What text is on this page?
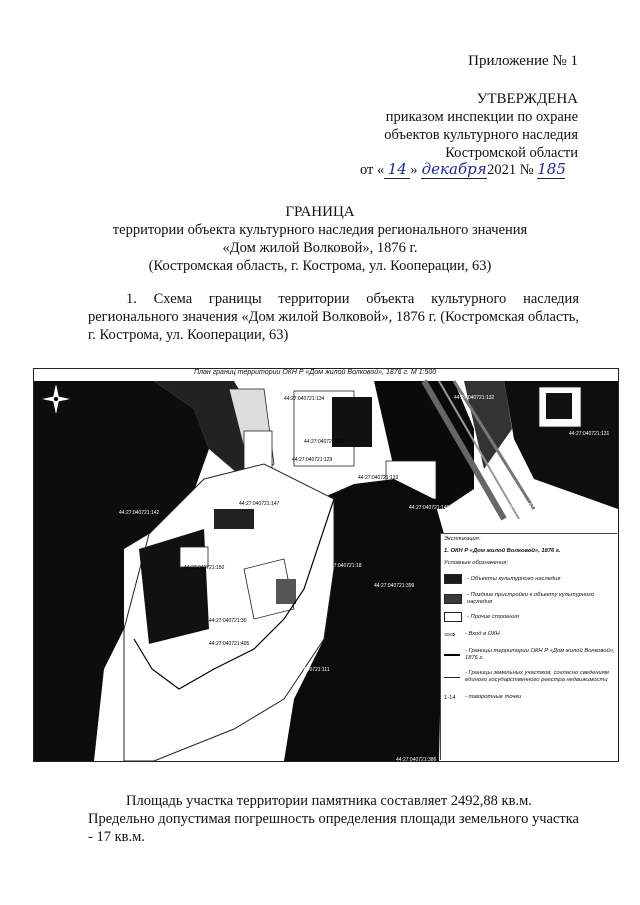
Приложение № 1
УТВЕРЖДЕНА
приказом инспекции по охране
объектов культурного наследия
Костромской области
от « 14 » декабря2021 № 185
ГРАНИЦА
территории объекта культурного наследия регионального значения
«Дом жилой Волковой», 1876 г.
(Костромская область, г. Кострома, ул. Кооперации, 63)
1. Схема границы территории объекта культурного наследия регионального значения «Дом жилой Волковой», 1876 г. (Костромская область, г. Кострома, ул. Кооперации, 63)
44:27:040721:134
44:27:040721:130
44:27:040721:129
44:27:040721:132
44:27:040721:131
44:27:040721:133
44:27:040721:145	44:27:040721:146
44:27:040721:142
44:27:040721:147
44:27:040721:150	44:27:040721:18
44:27:040721:111
44:27:040721:399
44:27:040721:30
44:27:040721:405
44:27:040721:386
План границ территории ОКН Р «Дом жилой Волковой», 1876 г. М 1:500
Экспликация:
1. ОКН Р «Дом жилой Волковой», 1876 г.
Условные обозначения:
- Объекты культурного наследия
- Поздние пристройки к объекту культурного наследия
- Прочие строения
⟹	- Вход в ОКН
- Границы территории ОКН Р «Дом жилой Волковой», 1876 г.
- Границы земельных участков, согласно сведениям единого государственного реестра недвижимости
1-14	- поворотные точки
Площадь участка территории памятника составляет 2492,88 кв.м.
Предельно допустимая погрешность определения площади земельного участка - 17 кв.м.
